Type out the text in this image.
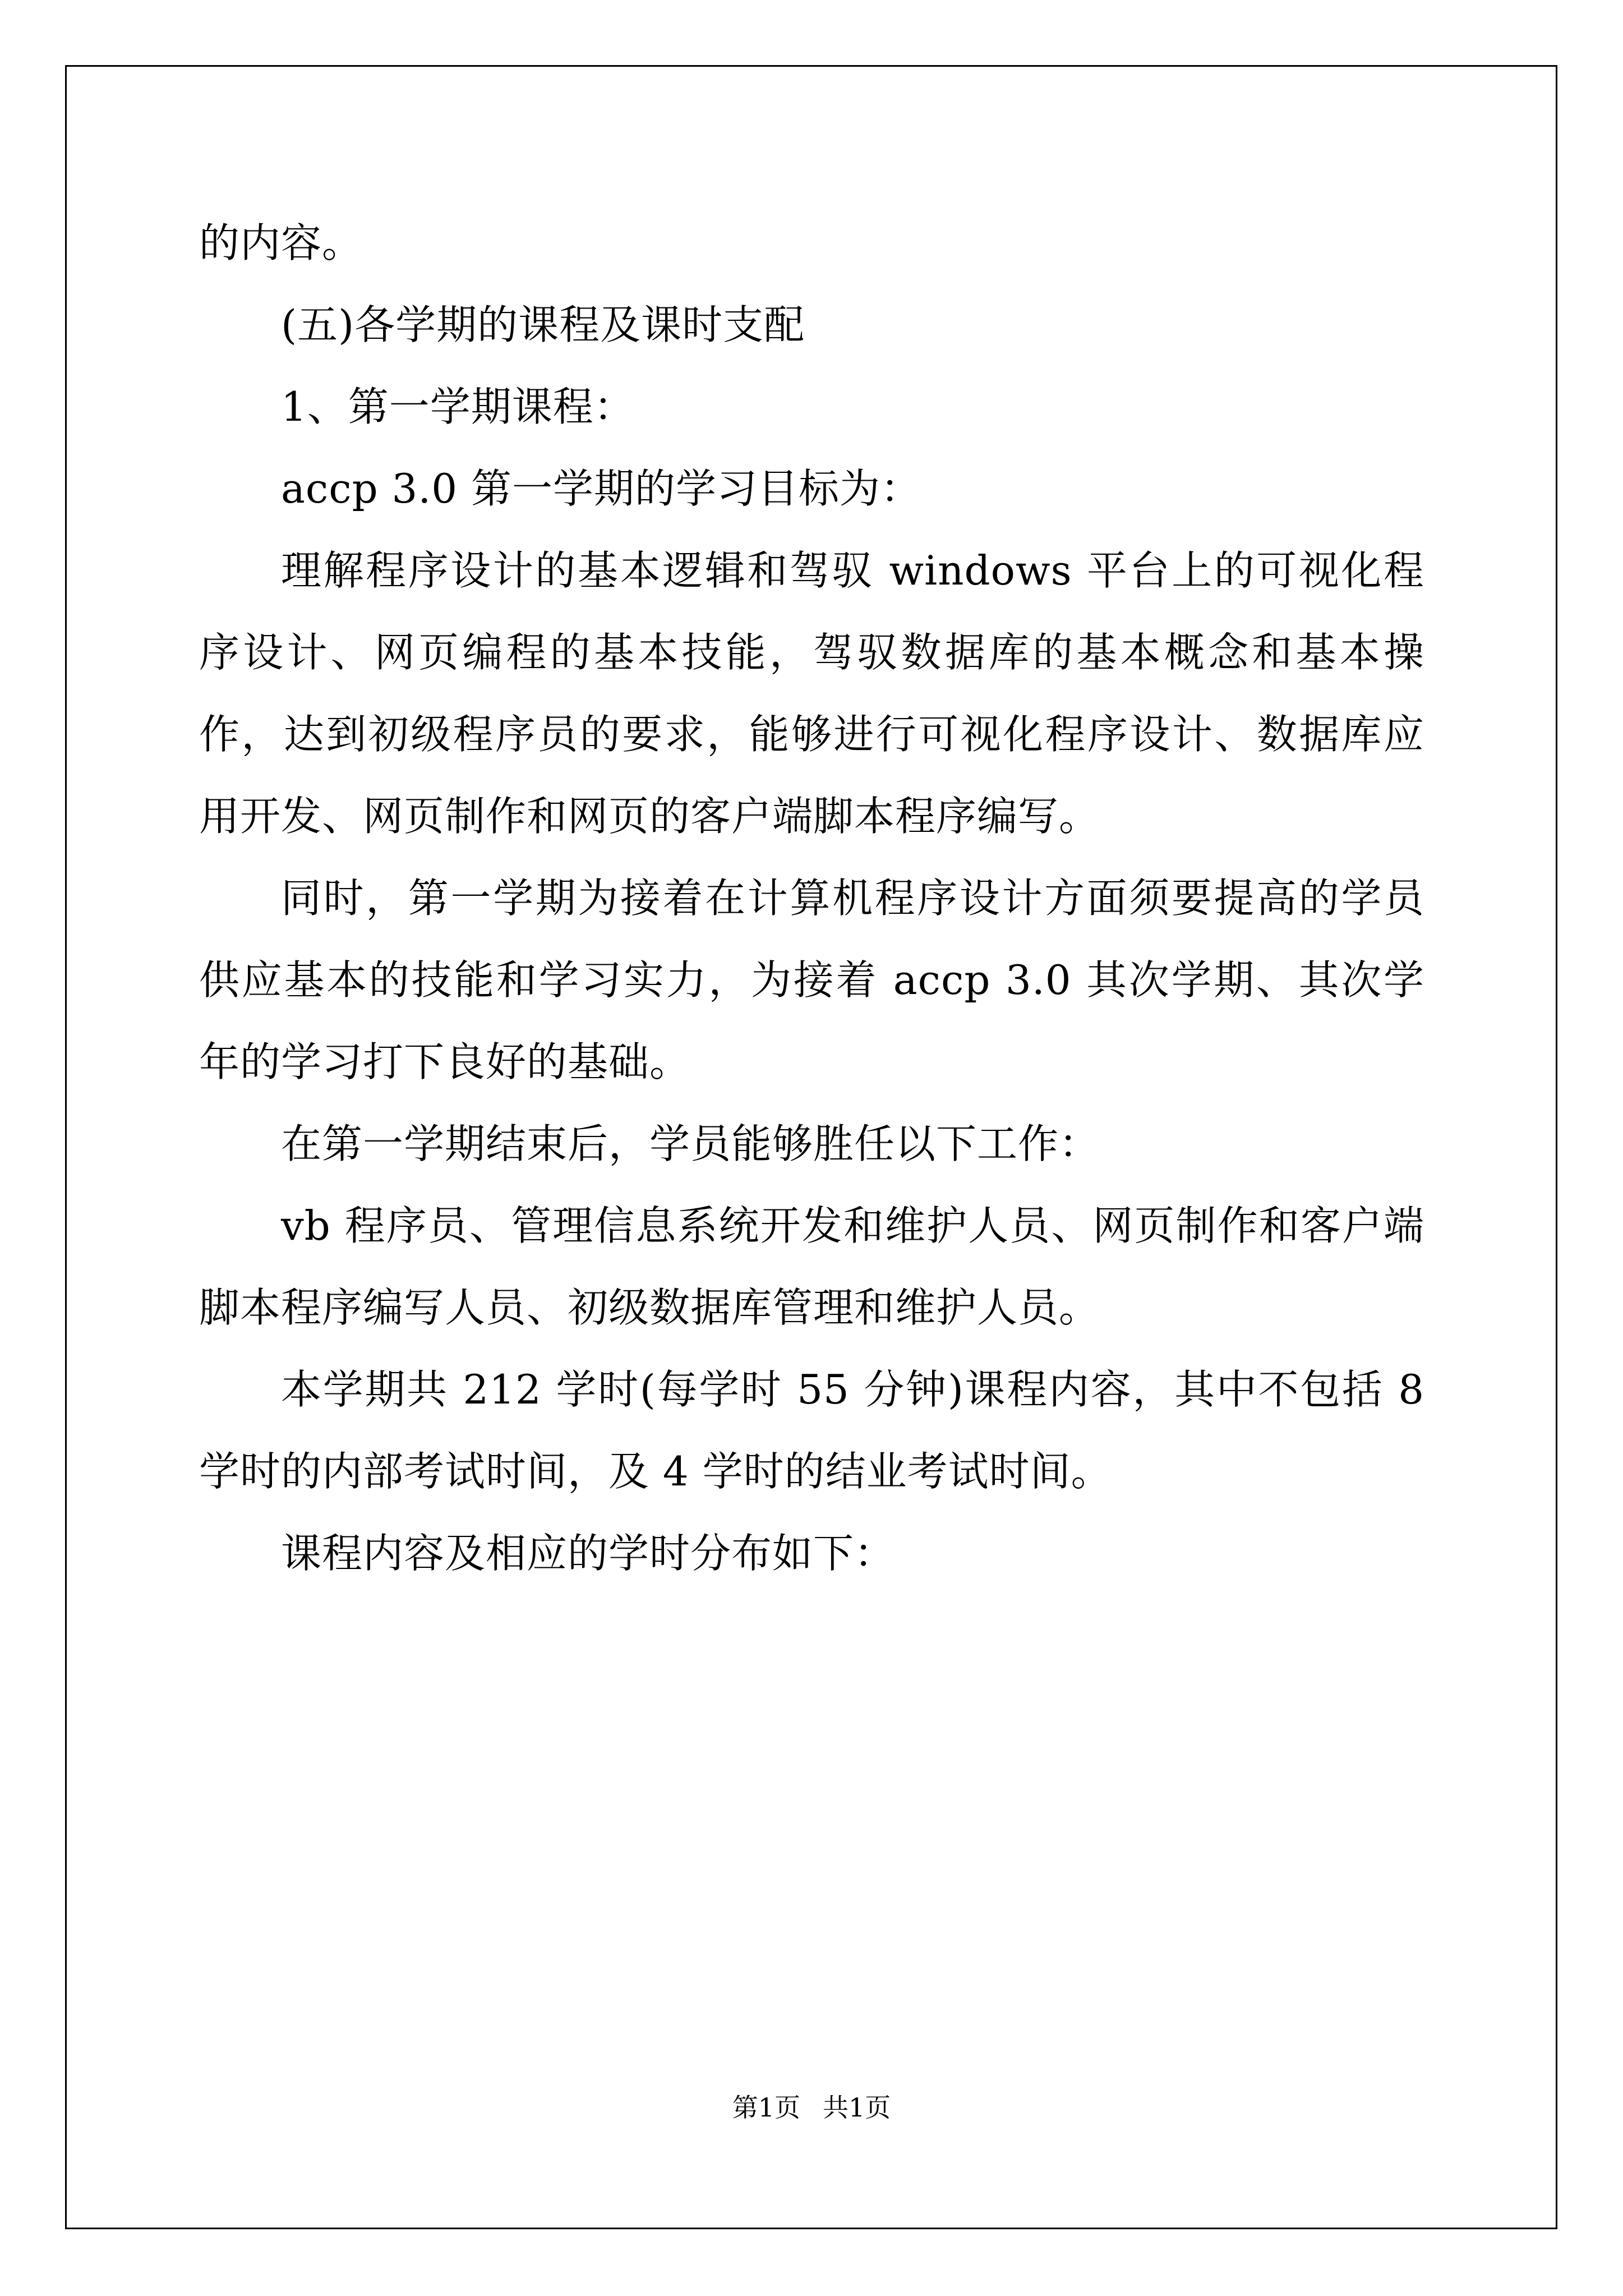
的内容。

(五)各学期的课程及课时支配

1、第一学期课程：

accp 3.0 第一学期的学习目标为：

理解程序设计的基本逻辑和驾驭 windows 平台上的可视化程序设计、网页编程的基本技能，驾驭数据库的基本概念和基本操作，达到初级程序员的要求，能够进行可视化程序设计、数据库应用开发、网页制作和网页的客户端脚本程序编写。

同时，第一学期为接着在计算机程序设计方面须要提高的学员供应基本的技能和学习实力，为接着 accp 3.0 其次学期、其次学年的学习打下良好的基础。

在第一学期结束后，学员能够胜任以下工作：

vb 程序员、管理信息系统开发和维护人员、网页制作和客户端脚本程序编写人员、初级数据库管理和维护人员。

本学期共 212 学时(每学时 55 分钟)课程内容，其中不包括 8 学时的内部考试时间，及 4 学时的结业考试时间。

课程内容及相应的学时分布如下：

第1页 共1页
